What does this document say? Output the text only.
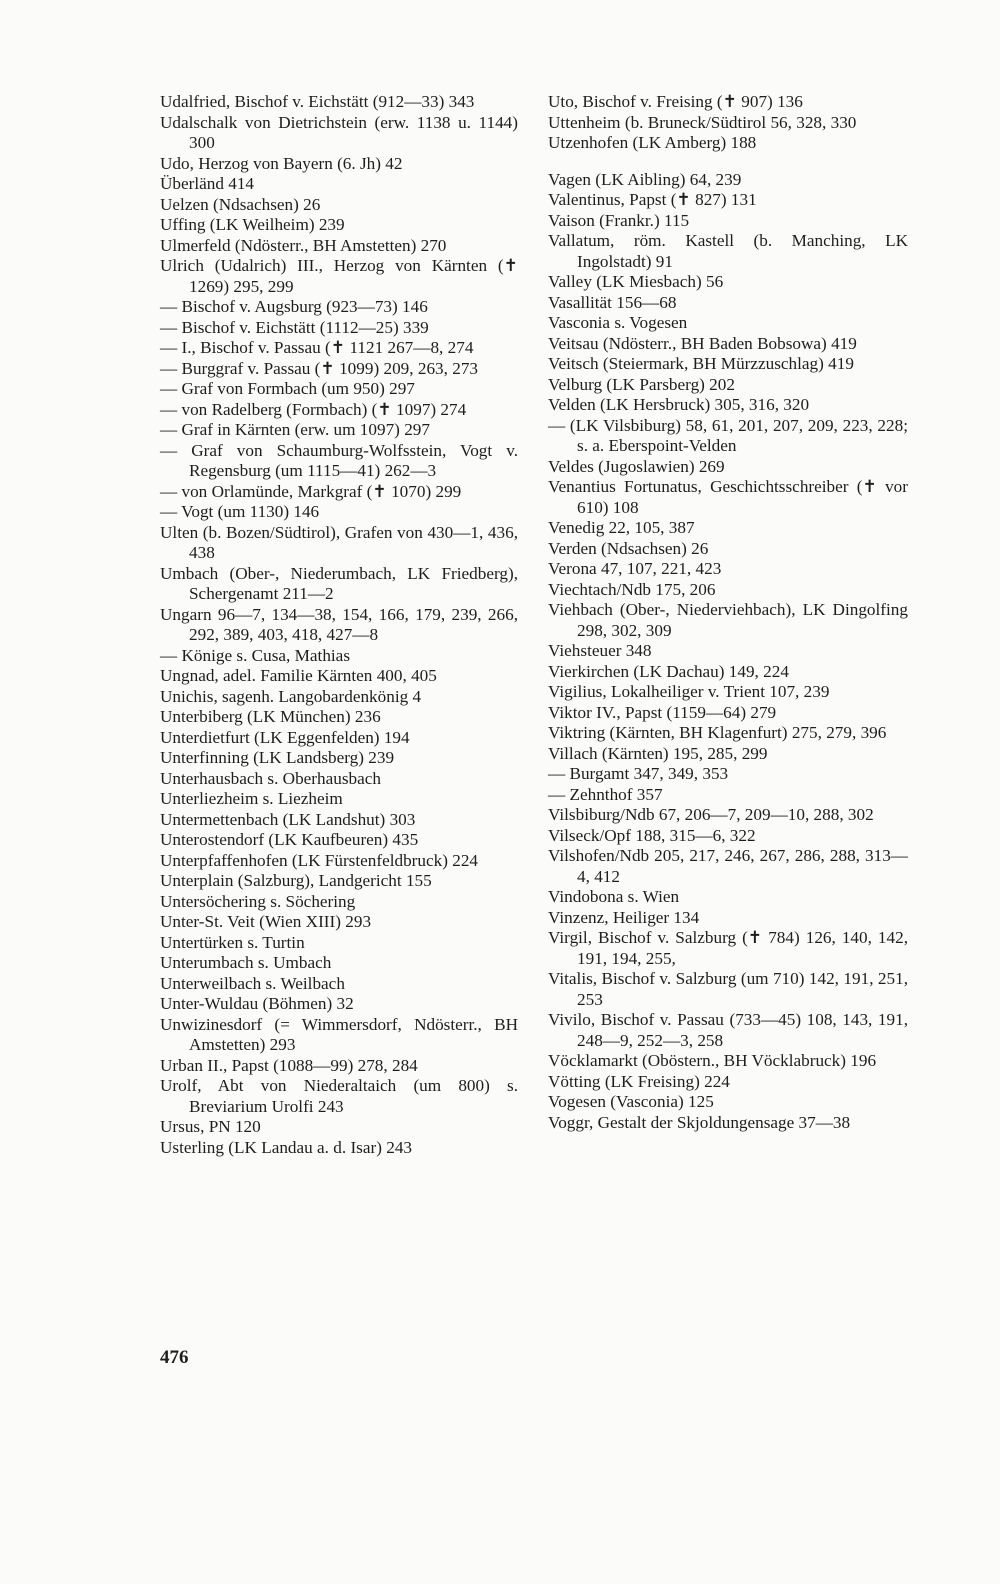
Udalfried, Bischof v. Eichstätt (912—33) 343

Udalschalk von Dietrichstein (erw. 1138 u. 1144) 300

Udo, Herzog von Bayern (6. Jh) 42

Überländ 414

Uelzen (Ndsachsen) 26

Uffing (LK Weilheim) 239

Ulmerfeld (Ndösterr., BH Amstetten) 270

Ulrich (Udalrich) III., Herzog von Kärnten (✝ 1269) 295, 299

— Bischof v. Augsburg (923—73) 146

— Bischof v. Eichstätt (1112—25) 339

— I., Bischof v. Passau (✝ 1121 267—8, 274

— Burggraf v. Passau (✝ 1099) 209, 263, 273

— Graf von Formbach (um 950) 297

— von Radelberg (Formbach) (✝ 1097) 274

— Graf in Kärnten (erw. um 1097) 297

— Graf von Schaumburg-Wolfsstein, Vogt v. Regensburg (um 1115—41) 262—3

— von Orlamünde, Markgraf (✝ 1070) 299

— Vogt (um 1130) 146

Ulten (b. Bozen/Südtirol), Grafen von 430—1, 436, 438

Umbach (Ober-, Niederumbach, LK Friedberg), Schergenamt 211—2

Ungarn 96—7, 134—38, 154, 166, 179, 239, 266, 292, 389, 403, 418, 427—8

— Könige s. Cusa, Mathias

Ungnad, adel. Familie Kärnten 400, 405

Unichis, sagenh. Langobardenkönig 4

Unterbiberg (LK München) 236

Unterdietfurt (LK Eggenfelden) 194

Unterfinning (LK Landsberg) 239

Unterhausbach s. Oberhausbach

Unterliezheim s. Liezheim

Untermettenbach (LK Landshut) 303

Unterostendorf (LK Kaufbeuren) 435

Unterpfaffenhofen (LK Fürstenfeldbruck) 224

Unterplain (Salzburg), Landgericht 155

Untersöchering s. Söchering

Unter-St. Veit (Wien XIII) 293

Untertürken s. Turtin

Unterumbach s. Umbach

Unterweilbach s. Weilbach

Unter-Wuldau (Böhmen) 32

Unwizinesdorf (= Wimmersdorf, Ndösterr., BH Amstetten) 293

Urban II., Papst (1088—99) 278, 284

Urolf, Abt von Niederaltaich (um 800) s. Breviarium Urolfi 243

Ursus, PN 120

Usterling (LK Landau a. d. Isar) 243

Uto, Bischof v. Freising (✝ 907) 136

Uttenheim (b. Bruneck/Südtirol 56, 328, 330

Utzenhofen (LK Amberg) 188

Vagen (LK Aibling) 64, 239

Valentinus, Papst (✝ 827) 131

Vaison (Frankr.) 115

Vallatum, röm. Kastell (b. Manching, LK Ingolstadt) 91

Valley (LK Miesbach) 56

Vasallität 156—68

Vasconia s. Vogesen

Veitsau (Ndösterr., BH Baden Bobsowa) 419

Veitsch (Steiermark, BH Mürzzuschlag) 419

Velburg (LK Parsberg) 202

Velden (LK Hersbruck) 305, 316, 320

— (LK Vilsbiburg) 58, 61, 201, 207, 209, 223, 228; s. a. Eberspoint-Velden

Veldes (Jugoslawien) 269

Venantius Fortunatus, Geschichtsschreiber (✝ vor 610) 108

Venedig 22, 105, 387

Verden (Ndsachsen) 26

Verona 47, 107, 221, 423

Viechtach/Ndb 175, 206

Viehbach (Ober-, Niederviehbach), LK Dingolfing 298, 302, 309

Viehsteuer 348

Vierkirchen (LK Dachau) 149, 224

Vigilius, Lokalheiliger v. Trient 107, 239

Viktor IV., Papst (1159—64) 279

Viktring (Kärnten, BH Klagenfurt) 275, 279, 396

Villach (Kärnten) 195, 285, 299

— Burgamt 347, 349, 353

— Zehnthof 357

Vilsbiburg/Ndb 67, 206—7, 209—10, 288, 302

Vilseck/Opf 188, 315—6, 322

Vilshofen/Ndb 205, 217, 246, 267, 286, 288, 313—4, 412

Vindobona s. Wien

Vinzenz, Heiliger 134

Virgil, Bischof v. Salzburg (✝ 784) 126, 140, 142, 191, 194, 255,

Vitalis, Bischof v. Salzburg (um 710) 142, 191, 251, 253

Vivilo, Bischof v. Passau (733—45) 108, 143, 191, 248—9, 252—3, 258

Vöcklamarkt (Oböstern., BH Vöcklabruck) 196

Vötting (LK Freising) 224

Vogesen (Vasconia) 125

Voggr, Gestalt der Skjoldungensage 37—38

476
